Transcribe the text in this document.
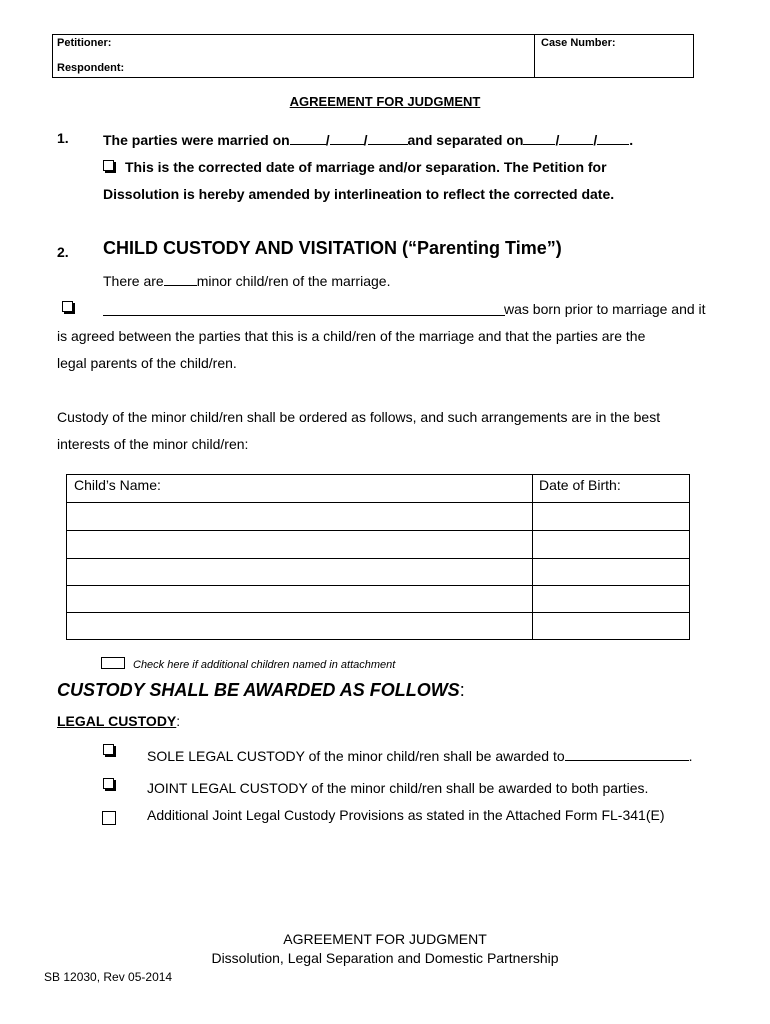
Petitioner:
Respondent:
Case Number:
AGREEMENT FOR JUDGMENT
1. The parties were married on	/ /	and separated on / / .
This is the corrected date of marriage and/or separation. The Petition for
Dissolution is hereby amended by interlineation to reflect the corrected date.
2. CHILD CUSTODY AND VISITATION (“Parenting Time”)
There are minor child/ren of the marriage.
was born prior to marriage and it
is agreed between the parties that this is a child/ren of the marriage and that the parties are the
legal parents of the child/ren.
Custody of the minor child/ren shall be ordered as follows, and such arrangements are in the best
interests of the minor child/ren:
Child’s Name:	Date of Birth:
Check here if additional children named in attachment
CUSTODY SHALL BE AWARDED AS FOLLOWS:
LEGAL CUSTODY:
SOLE LEGAL CUSTODY of the minor child/ren shall be awarded to	.
JOINT LEGAL CUSTODY of the minor child/ren shall be awarded to both parties.
Additional Joint Legal Custody Provisions as stated in the Attached Form FL-341(E)
AGREEMENT FOR JUDGMENT
Dissolution, Legal Separation and Domestic Partnership
SB 12030, Rev 05-2014
